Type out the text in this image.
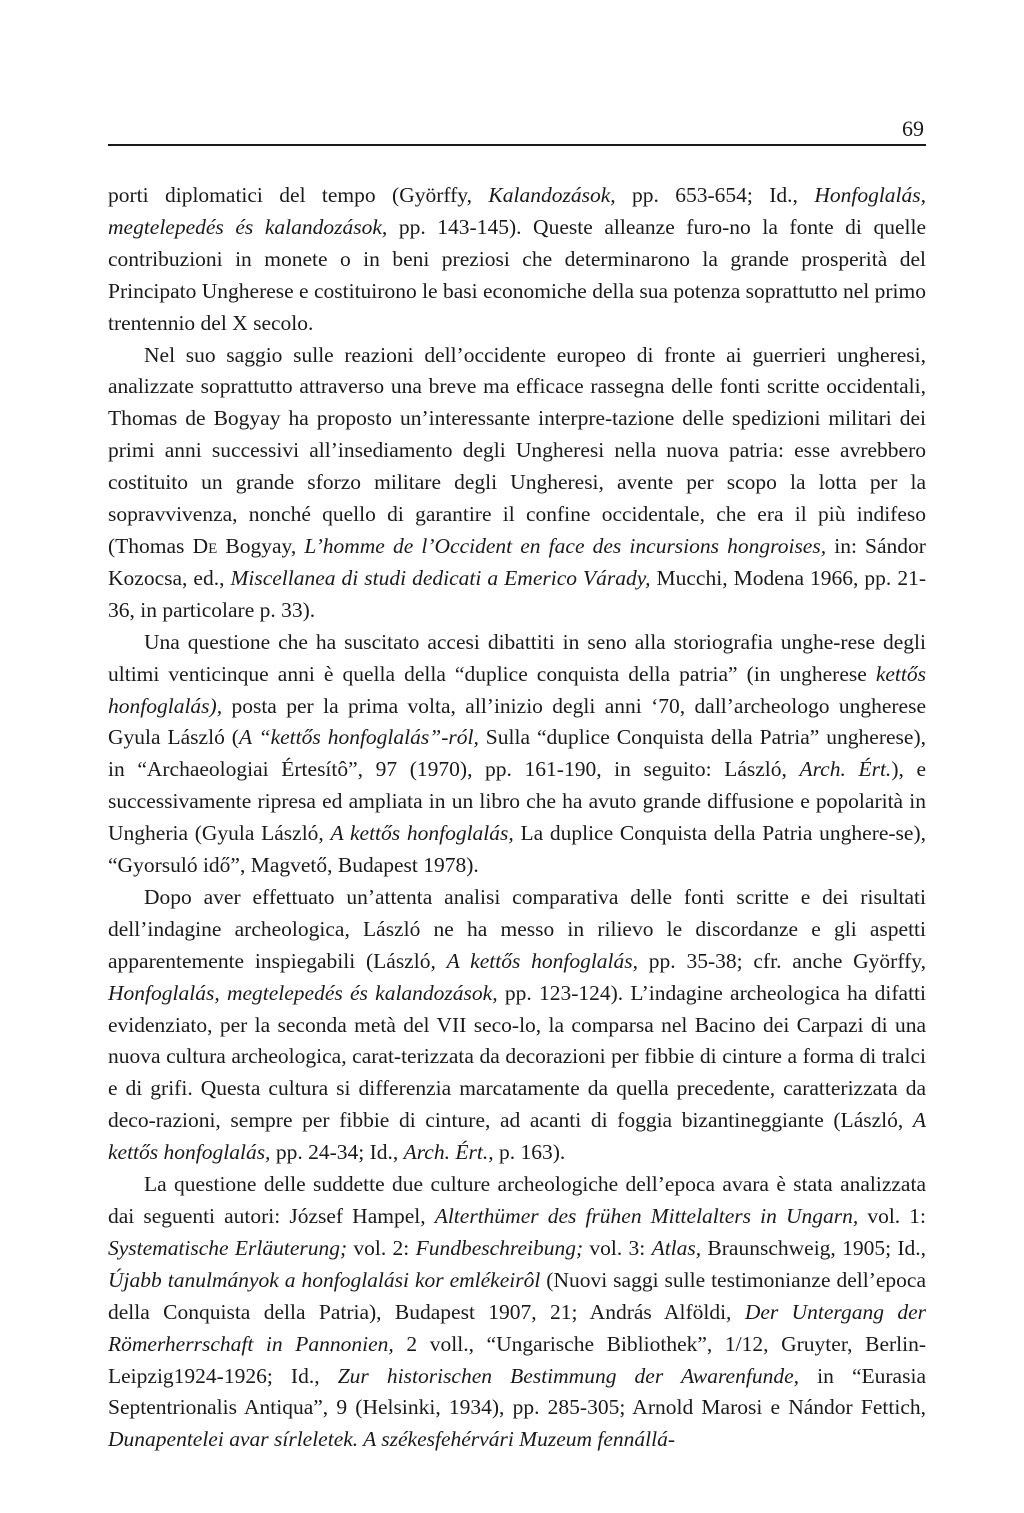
69

porti diplomatici del tempo (Györffy, Kalandozások, pp. 653-654; Id., Honfoglalás, megtelepedés és kalandozások, pp. 143-145). Queste alleanze furo-no la fonte di quelle contribuzioni in monete o in beni preziosi che determinarono la grande prosperità del Principato Ungherese e costituirono le basi economiche della sua potenza soprattutto nel primo trentennio del X secolo.

Nel suo saggio sulle reazioni dell’occidente europeo di fronte ai guerrieri ungheresi, analizzate soprattutto attraverso una breve ma efficace rassegna delle fonti scritte occidentali, Thomas de Bogyay ha proposto un’interessante interpre-tazione delle spedizioni militari dei primi anni successivi all’insediamento degli Ungheresi nella nuova patria: esse avrebbero costituito un grande sforzo militare degli Ungheresi, avente per scopo la lotta per la sopravvivenza, nonché quello di garantire il confine occidentale, che era il più indifeso (Thomas De Bogyay, L’homme de l’Occident en face des incursions hongroises, in: Sándor Kozocsa, ed., Miscellanea di studi dedicati a Emerico Várady, Mucchi, Modena 1966, pp. 21-36, in particolare p. 33).

Una questione che ha suscitato accesi dibattiti in seno alla storiografia unghe-rese degli ultimi venticinque anni è quella della “duplice conquista della patria” (in ungherese kettős honfoglalás), posta per la prima volta, all’inizio degli anni ‘70, dall’archeologo ungherese Gyula László (A “kettős honfoglalás”-ról, Sulla “duplice Conquista della Patria” ungherese), in “Archaeologiai Értesítô”, 97 (1970), pp. 161-190, in seguito: László, Arch. Ért.), e successivamente ripresa ed ampliata in un libro che ha avuto grande diffusione e popolarità in Ungheria (Gyula László, A kettős honfoglalás, La duplice Conquista della Patria unghere-se), “Gyorsuló idő”, Magvető, Budapest 1978).

Dopo aver effettuato un’attenta analisi comparativa delle fonti scritte e dei risultati dell’indagine archeologica, László ne ha messo in rilievo le discordanze e gli aspetti apparentemente inspiegabili (László, A kettős honfoglalás, pp. 35-38; cfr. anche Györffy, Honfoglalás, megtelepedés és kalandozások, pp. 123-124). L’indagine archeologica ha difatti evidenziato, per la seconda metà del VII seco-lo, la comparsa nel Bacino dei Carpazi di una nuova cultura archeologica, carat-terizzata da decorazioni per fibbie di cinture a forma di tralci e di grifi. Questa cultura si differenzia marcatamente da quella precedente, caratterizzata da deco-razioni, sempre per fibbie di cinture, ad acanti di foggia bizantineggiante (László, A kettős honfoglalás, pp. 24-34; Id., Arch. Ért., p. 163).

La questione delle suddette due culture archeologiche dell’epoca avara è stata analizzata dai seguenti autori: József Hampel, Alterthümer des frühen Mittelalters in Ungarn, vol. 1: Systematische Erläuterung; vol. 2: Fundbeschreibung; vol. 3: Atlas, Braunschweig, 1905; Id., Újabb tanulmányok a honfoglalási kor emlékeirôl (Nuovi saggi sulle testimonianze dell’epoca della Conquista della Patria), Budapest 1907, 21; András Alföldi, Der Untergang der Römerherrschaft in Pannonien, 2 voll., “Ungarische Bibliothek”, 1/12, Gruyter, Berlin-Leipzig1924-1926; Id., Zur historischen Bestimmung der Awarenfunde, in “Eurasia Septentrionalis Antiqua”, 9 (Helsinki, 1934), pp. 285-305; Arnold Marosi e Nándor Fettich, Dunapentelei avar sírleletek. A székesfehérvári Muzeum fennállá-
